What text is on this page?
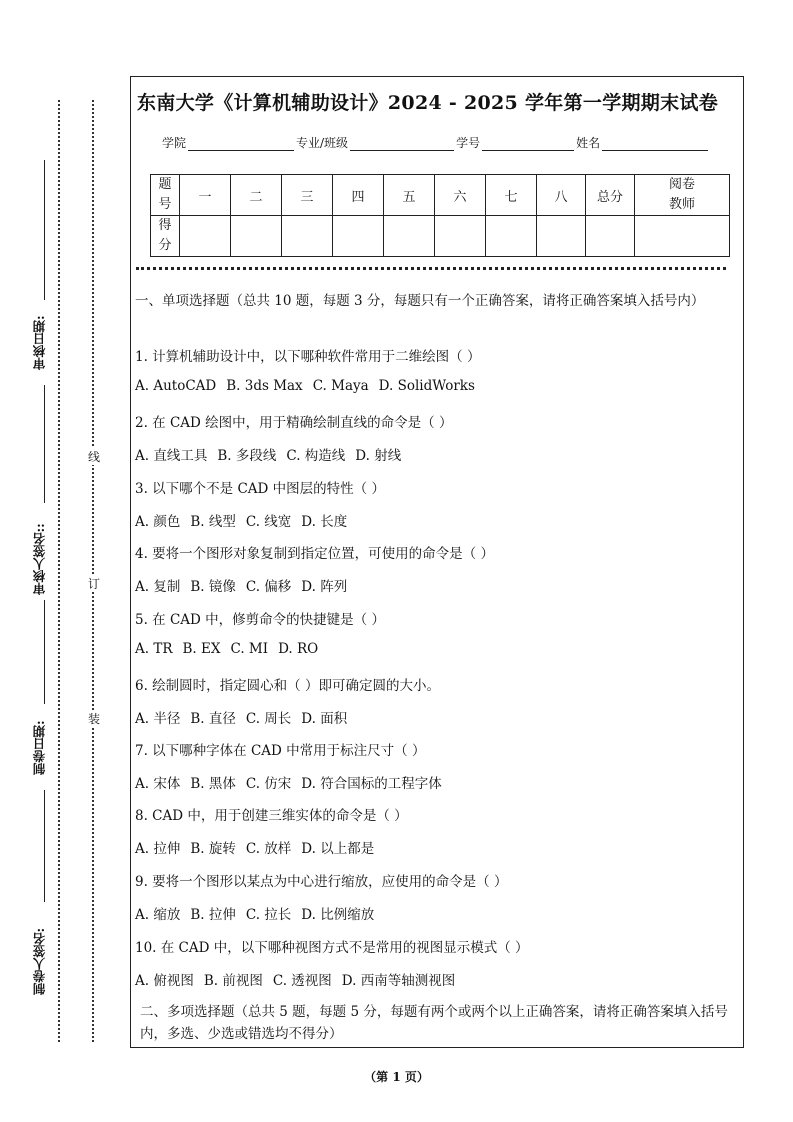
审核日期:
审核人签名::
制卷日期:
制卷人签名:
线
订
装
东南大学《计算机辅助设计》2024 - 2025 学年第一学期期末试卷
学院	专业/班级	学号	姓名
题号	一	二	三	四	五	六	七	八	总分	阅卷教师

得分										

一、单项选择题（总共 10 题，每题 3 分，每题只有一个正确答案，请将正确答案填入括号内）
1. 计算机辅助设计中，以下哪种软件常用于二维绘图（ ）
A. AutoCAD B. 3ds Max C. Maya D. SolidWorks
2. 在 CAD 绘图中，用于精确绘制直线的命令是（ ）
A. 直线工具 B. 多段线 C. 构造线 D. 射线
3. 以下哪个不是 CAD 中图层的特性（ ）
A. 颜色 B. 线型 C. 线宽 D. 长度
4. 要将一个图形对象复制到指定位置，可使用的命令是（ ）
A. 复制 B. 镜像 C. 偏移 D. 阵列
5. 在 CAD 中，修剪命令的快捷键是（ ）
A. TR B. EX C. MI D. RO
6. 绘制圆时，指定圆心和（ ）即可确定圆的大小。
A. 半径 B. 直径 C. 周长 D. 面积
7. 以下哪种字体在 CAD 中常用于标注尺寸（ ）
A. 宋体 B. 黑体 C. 仿宋 D. 符合国标的工程字体
8. CAD 中，用于创建三维实体的命令是（ ）
A. 拉伸 B. 旋转 C. 放样 D. 以上都是
9. 要将一个图形以某点为中心进行缩放，应使用的命令是（ ）
A. 缩放 B. 拉伸 C. 拉长 D. 比例缩放
10. 在 CAD 中，以下哪种视图方式不是常用的视图显示模式（ ）
A. 俯视图 B. 前视图 C. 透视图 D. 西南等轴测视图
二、多项选择题（总共 5 题，每题 5 分，每题有两个或两个以上正确答案，请将正确答案填入括号内，多选、少选或错选均不得分）
（第 1 页）
